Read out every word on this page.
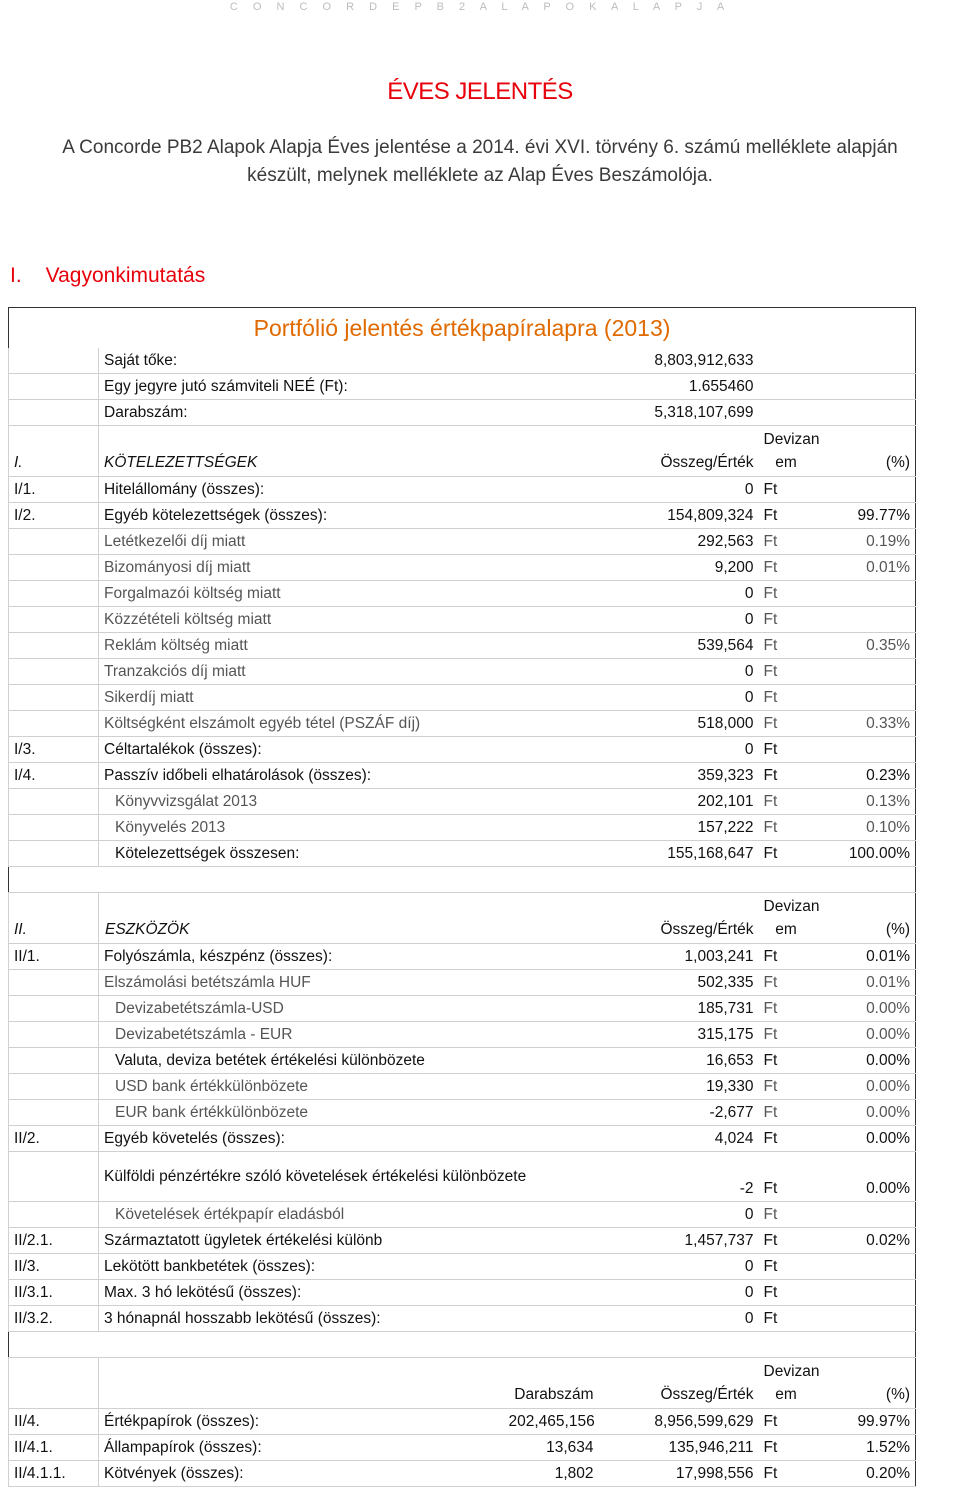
C O N C O R D E P B 2 A L A P O K A L A P J A
ÉVES JELENTÉS
A Concorde PB2 Alapok Alapja Éves jelentése a 2014. évi XVI. törvény 6. számú melléklete alapján
készült, melynek melléklete az Alap Éves Beszámolója.
I. Vagyonkimutatás
Portfólió jelentés értékpapíralapra (2013)					
	Saját tőke:		8,803,912,633		
	Egy jegyre jutó számviteli NEÉ (Ft):		1.655460		
	Darabszám:		5,318,107,699		
I.	KÖTELEZETTSÉGEK		Összeg/Érték	Devizan
em	(%)
I/1.	Hitelállomány (összes):		0	Ft	
I/2.	Egyéb kötelezettségek (összes):		154,809,324	Ft	99.77%
	Letétkezelői díj miatt		292,563	Ft	0.19%
	Bizományosi díj miatt		9,200	Ft	0.01%
	Forgalmazói költség miatt		0	Ft	
	Közzétételi költség miatt		0	Ft	
	Reklám költség miatt		539,564	Ft	0.35%
	Tranzakciós díj miatt		0	Ft	
	Sikerdíj miatt		0	Ft	
	Költségként elszámolt egyéb tétel (PSZÁF díj)		518,000	Ft	0.33%
I/3.	Céltartalékok (összes):		0	Ft	
I/4.	Passzív időbeli elhatárolások (összes):		359,323	Ft	0.23%
	Könyvvizsgálat 2013		202,101	Ft	0.13%
	Könyvelés 2013		157,222	Ft	0.10%
	Kötelezettségek összesen:		155,168,647	Ft	100.00%

II.	ESZKÖZÖK		Összeg/Érték	Devizan
em	(%)
II/1.	Folyószámla, készpénz (összes):		1,003,241	Ft	0.01%
	Elszámolási betétszámla HUF		502,335	Ft	0.01%
	Devizabetétszámla-USD		185,731	Ft	0.00%
	Devizabetétszámla - EUR		315,175	Ft	0.00%
	Valuta, deviza betétek értékelési különbözete		16,653	Ft	0.00%
	USD bank értékkülönbözete		19,330	Ft	0.00%
	EUR bank értékkülönbözete		-2,677	Ft	0.00%
II/2.	Egyéb követelés (összes):		4,024	Ft	0.00%
	Külföldi pénzértékre szóló követelések értékelési különbözete		-2	Ft	0.00%
	Követelések értékpapír eladásból		0	Ft	
II/2.1.	Származtatott ügyletek értékelési különb		1,457,737	Ft	0.02%
II/3.	Lekötött bankbetétek (összes):		0	Ft	
II/3.1.	Max. 3 hó lekötésű (összes):		0	Ft	
II/3.2.	3 hónapnál hosszabb lekötésű (összes):		0	Ft	

		Darabszám	Összeg/Érték	Devizan
em	(%)
II/4.	Értékpapírok (összes):	202,465,156	8,956,599,629	Ft	99.97%
II/4.1.	Állampapírok (összes):	13,634	135,946,211	Ft	1.52%
II/4.1.1.	Kötvények (összes):	1,802	17,998,556	Ft	0.20%
